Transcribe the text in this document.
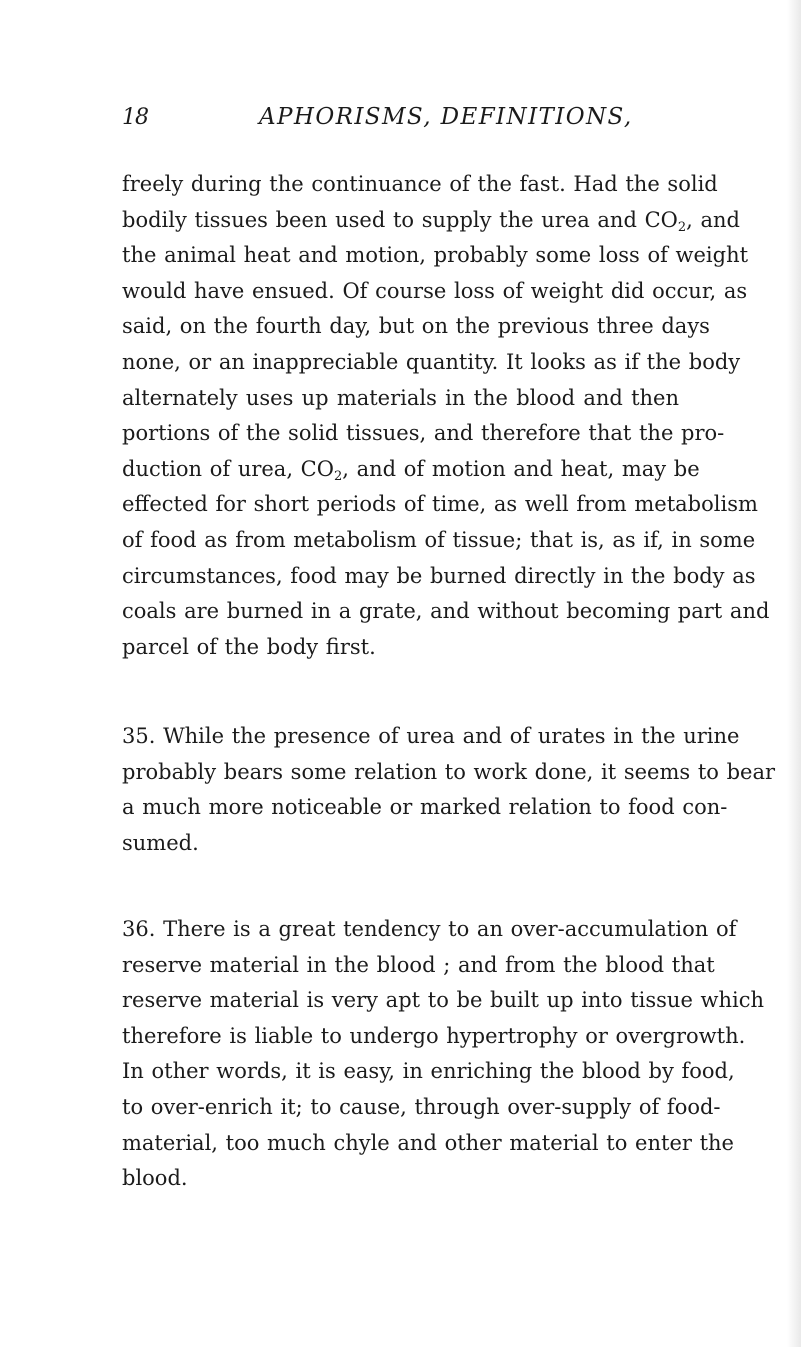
18	APHORISMS, DEFINITIONS,
freely during the continuance of the fast. Had the solid
bodily tissues been used to supply the urea and $CO_2$, and
the animal heat and motion, probably some loss of weight
would have ensued. Of course loss of weight did occur, as
said, on the fourth day, but on the previous three days
none, or an inappreciable quantity. It looks as if the body
alternately uses up materials in the blood and then
portions of the solid tissues, and therefore that the pro-
duction of urea, $CO_2$, and of motion and heat, may be
effected for short periods of time, as well from metabolism
of food as from metabolism of tissue; that is, as if, in some
circumstances, food may be burned directly in the body as
coals are burned in a grate, and without becoming part and
parcel of the body first.
35. While the presence of urea and of urates in the urine
probably bears some relation to work done, it seems to bear
a much more noticeable or marked relation to food con-
sumed.
36. There is a great tendency to an over-accumulation of
reserve material in the blood ; and from the blood that
reserve material is very apt to be built up into tissue which
therefore is liable to undergo hypertrophy or overgrowth.
In other words, it is easy, in enriching the blood by food,
to over-enrich it; to cause, through over-supply of food-
material, too much chyle and other material to enter the
blood.
